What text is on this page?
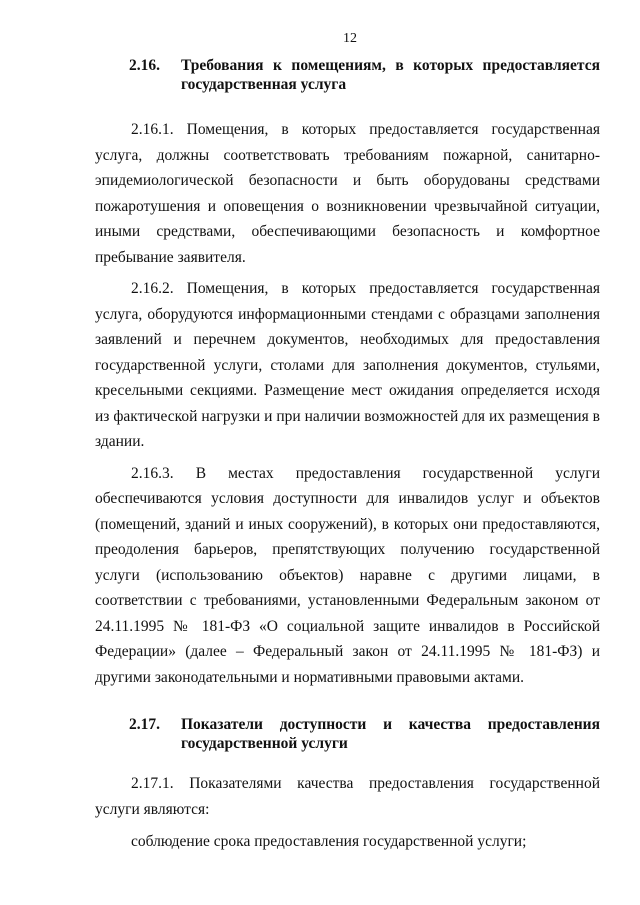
12
2.16.	Требования к помещениям, в которых предоставляется государственная услуга

2.16.1. Помещения, в которых предоставляется государственная услуга, должны соответствовать требованиям пожарной, санитарно-эпидемиологической безопасности и быть оборудованы средствами пожаротушения и оповещения о возникновении чрезвычайной ситуации, иными средствами, обеспечивающими безопасность и комфортное пребывание заявителя.

2.16.2. Помещения, в которых предоставляется государственная услуга, оборудуются информационными стендами с образцами заполнения заявлений и перечнем документов, необходимых для предоставления государственной услуги, столами для заполнения документов, стульями, кресельными секциями. Размещение мест ожидания определяется исходя из фактической нагрузки и при наличии возможностей для их размещения в здании.

2.16.3. В местах предоставления государственной услуги обеспечиваются условия доступности для инвалидов услуг и объектов (помещений, зданий и иных сооружений), в которых они предоставляются, преодоления барьеров, препятствующих получению государственной услуги (использованию объектов) наравне с другими лицами, в соответствии с требованиями, установленными Федеральным законом от 24.11.1995 № 181-ФЗ «О социальной защите инвалидов в Российской Федерации» (далее – Федеральный закон от 24.11.1995 № 181-ФЗ) и другими законодательными и нормативными правовыми актами.

2.17.	Показатели доступности и качества предоставления государственной услуги

2.17.1. Показателями качества предоставления государственной услуги являются:

соблюдение срока предоставления государственной услуги;
